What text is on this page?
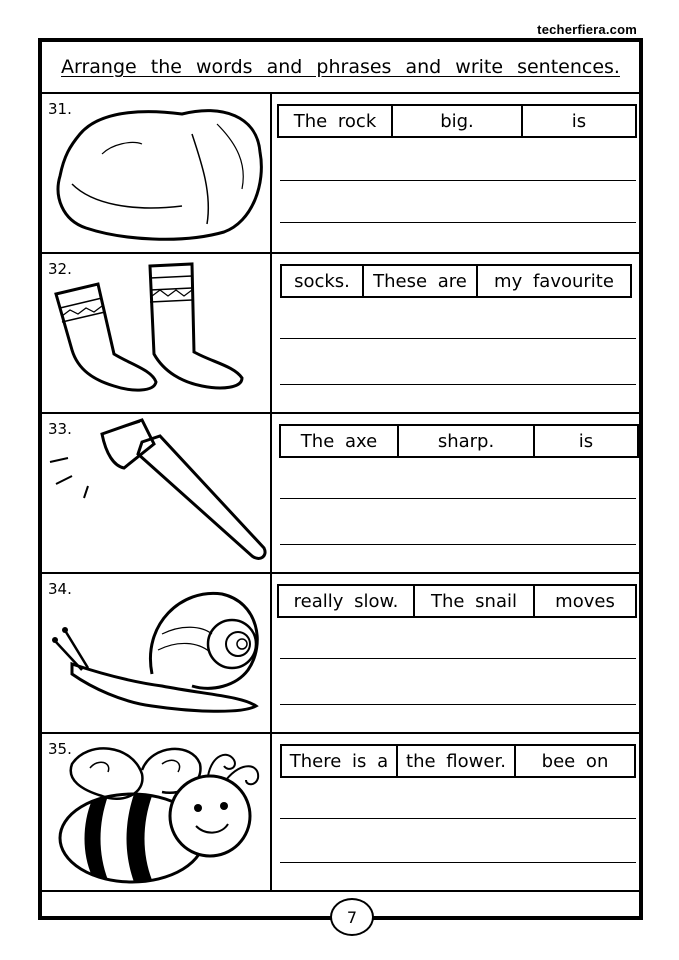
techerfiera.com
Arrange the words and phrases and write sentences.
31.
The rock	big.	is
32.
socks.	These are	my favourite
33.
The axe	sharp.	is
34.
really slow.	The snail	moves
35.
There is a the flower.	bee on
7
